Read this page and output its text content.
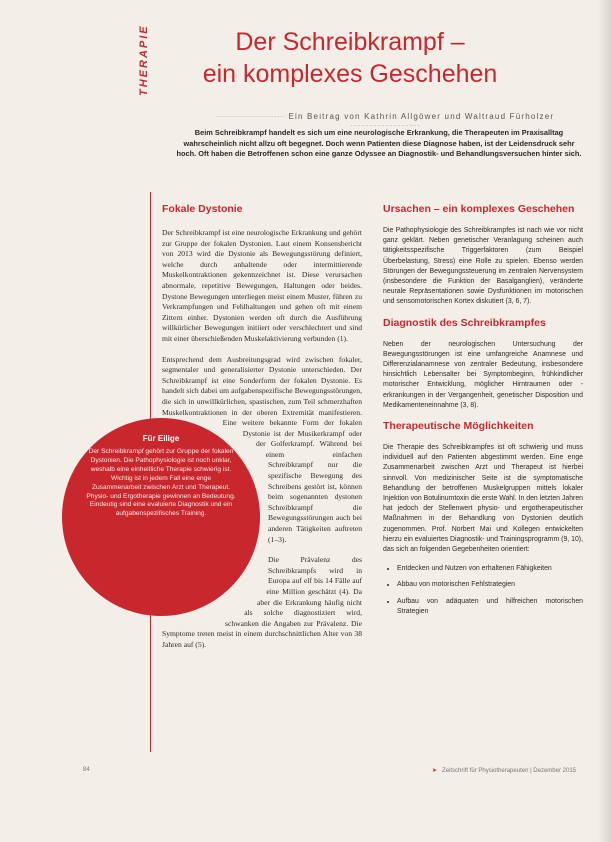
THERAPIE	Der Schreibkrampf –
ein komplexes Geschehen
·························· Ein Beitrag von Kathrin Allgöwer und Waltraud Fürholzer ··························
Beim Schreibkrampf handelt es sich um eine neurologische Erkrankung, die Therapeuten im Praxisalltag wahrscheinlich nicht allzu oft begegnet. Doch wenn Patienten diese Diagnose haben, ist der Leidensdruck sehr hoch. Oft haben die Betroffenen schon eine ganze Odyssee an Diagnostik- und Behandlungsversuchen hinter sich.
Fokale Dystonie

Der Schreibkrampf ist eine neurologische Erkrankung und gehört zur Gruppe der fokalen Dystonien. Laut einem Konsensbericht von 2013 wird die Dystonie als Bewegungsstörung definiert, welche durch anhaltende oder intermittierende Muskelkontraktionen gekennzeichnet ist. Diese verursachen abnormale, repetitive Bewegungen, Haltungen oder beides. Dystone Bewegungen unterliegen meist einem Muster, führen zu Verkrampfungen und Fehlhaltungen und gehen oft mit einem Zittern einher. Dystonien werden oft durch die Ausführung willkürlicher Bewegungen initiiert oder verschlechtert und sind mit einer überschießenden Muskelaktivierung verbunden (1).

Entsprechend dem Ausbreitungsgrad wird zwischen fokaler, segmentaler und generalisierter Dystonie unterschieden. Der Schreibkrampf ist eine Sonderform der fokalen Dystonie. Es handelt sich dabei um aufgabenspezifische Bewegungsstörungen, die sich in unwillkürlichen, spastischen, zum Teil schmerzhaften Muskelkontraktionen in der oberen Extremität manifestieren. Eine weitere bekannte Form der fokalen Dystonie ist der Musikerkrampf oder der Golferkrampf. Während bei einem einfachen Schreibkrampf nur die spezifische Bewegung des Schreibens gestört ist, können beim sogenannten dystonen Schreibkrampf die Bewegungsstörungen auch bei anderen Tätigkeiten auftreten (1–3).

Die Prävalenz des Schreibkrampfs wird in Europa auf elf bis 14 Fälle auf eine Million geschätzt (4). Da aber die Erkrankung häufig nicht als solche diagnostiziert wird, schwanken die Angaben zur Prävalenz. Die Symptome treten meist in einem durchschnittlichen Alter von 38 Jahren auf (5).

Für Eilige
Der Schreibkrampf gehört zur Gruppe der fokalen Dystonien. Die Pathophysiologie ist noch unklar, weshalb eine einheitliche Therapie schwierig ist. Wichtig ist in jedem Fall eine enge Zusammenarbeit zwischen Arzt und Therapeut. Physio- und Ergotherapie gewinnen an Bedeutung. Eindeutig sind eine evaluierte Diagnostik und ein aufgabenspezifisches Training.
Ursachen – ein komplexes Geschehen

Die Pathophysiologie des Schreibkrampfes ist nach wie vor nicht ganz geklärt. Neben genetischer Veranlagung scheinen auch tätigkeitsspezifische Triggerfaktoren (zum Beispiel Überbelastung, Stress) eine Rolle zu spielen. Ebenso werden Störungen der Bewegungssteuerung im zentralen Nervensystem (insbesondere die Funktion der Basalganglien), veränderte neurale Repräsentationen sowie Dysfunktionen im motorischen und sensomotorischen Kortex diskutiert (3, 6, 7).

Diagnostik des Schreibkrampfes

Neben der neurologischen Untersuchung der Bewegungsstörungen ist eine umfangreiche Anamnese und Differenzialanamnese von zentraler Bedeutung, insbesondere hinsichtlich Lebensalter bei Symptombeginn, frühkindlicher motorischer Entwicklung, möglicher Hirntraumen oder -erkrankungen in der Vergangenheit, genetischer Disposition und Medikamenteneinnahme (3, 8).

Therapeutische Möglichkeiten

Die Therapie des Schreibkrampfes ist oft schwierig und muss individuell auf den Patienten abgestimmt werden. Eine enge Zusammenarbeit zwischen Arzt und Therapeut ist hierbei sinnvoll. Von medizinischer Seite ist die symptomatische Behandlung der betroffenen Muskelgruppen mittels lokaler Injektion von Botulinumtoxin die erste Wahl. In den letzten Jahren hat jedoch der Stellenwert physio- und ergotherapeutischer Maßnahmen in der Behandlung von Dystonien deutlich zugenommen. Prof. Norbert Mai und Kollegen entwickelten hierzu ein evaluiertes Diagnostik- und Trainingsprogramm (9, 10), das sich an folgenden Gegebenheiten orientiert:

• Entdecken und Nutzen von erhaltenen Fähigkeiten
• Abbau von motorischen Fehlstrategien
• Aufbau von adäquaten und hilfreichen motorischen Strategien
84	➤ Zeitschrift für Physiotherapeuten | Dezember 2015
